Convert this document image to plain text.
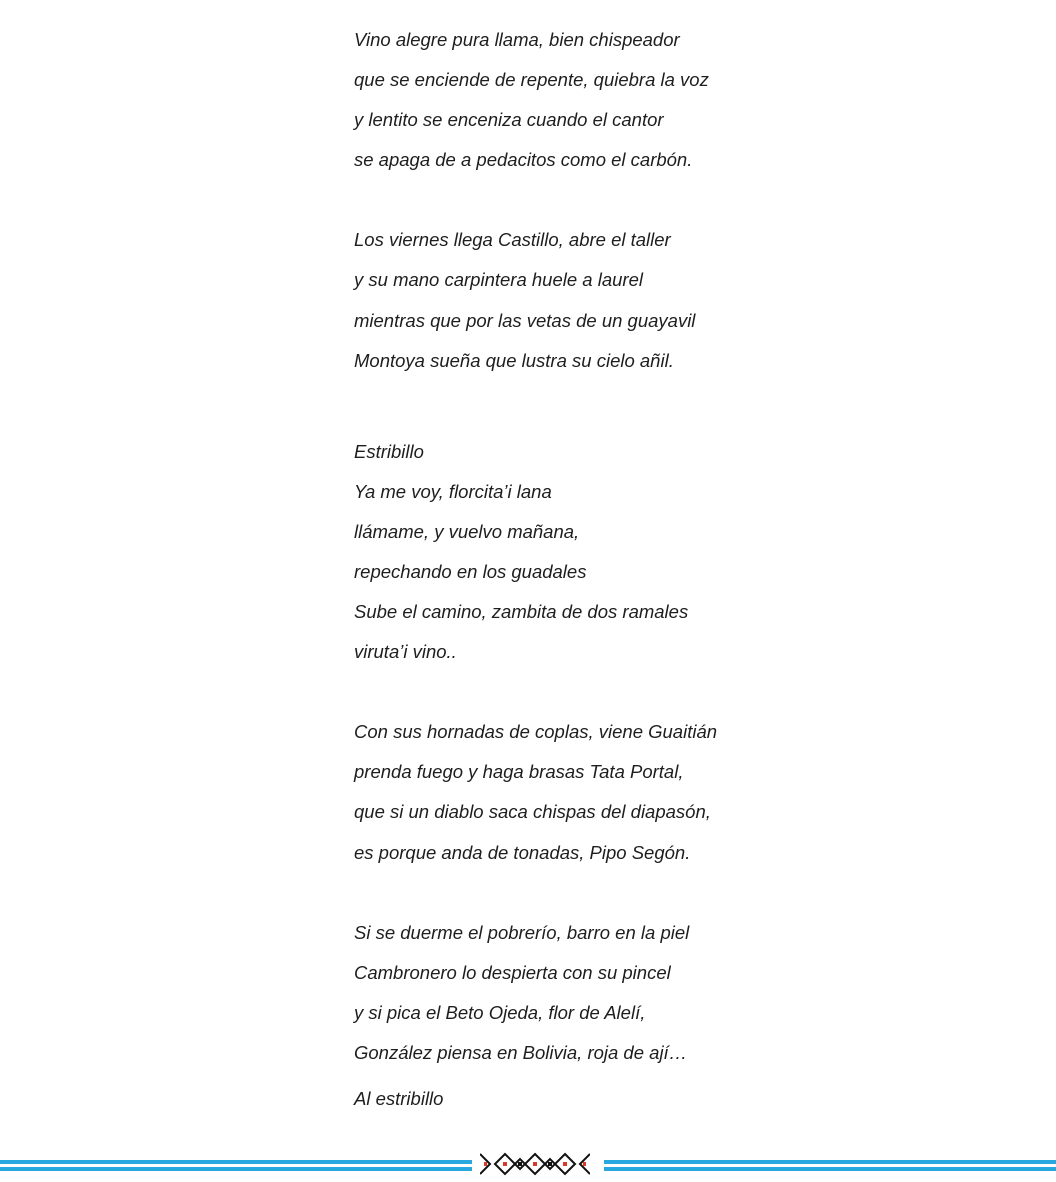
Vino alegre pura llama, bien chispeador
que se enciende de repente, quiebra la voz
y lentito se enceniza cuando el cantor
se apaga de a pedacitos como el carbón.
Los viernes llega Castillo, abre el taller
y su mano carpintera huele a laurel
mientras que por las vetas de un guayavil
Montoya sueña que lustra su cielo añil.
Estribillo
Ya me voy, florcita’i lana
llámame, y vuelvo mañana,
repechando en los guadales
Sube el camino, zambita de dos ramales
viruta’i vino..
Con sus hornadas de coplas, viene Guaitián
prenda fuego y haga brasas Tata Portal,
que si un diablo saca chispas del diapasón,
es porque anda de tonadas, Pipo Segón.
Si se duerme el pobrerío, barro en la piel
Cambronero lo despierta con su pincel
y si pica el Beto Ojeda, flor de Alelí,
González piensa en Bolivia, roja de ají…
Al estribillo
